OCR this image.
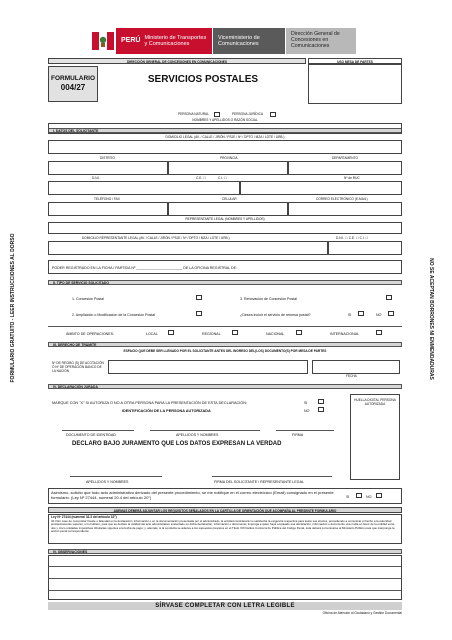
PERÚ Ministerio de Transportes y Comunicaciones
Viceministerio de Comunicaciones
Dirección General de Concesiones en Comunicaciones
DIRECCIÓN GENERAL DE CONCESIONES EN COMUNICACIONES	USO MESA DE PARTES
FORMULARIO
004/27
SERVICIOS POSTALES
I. DATOS DEL SOLICITANTE
PERSONA NATURAL	PERSONA JURÍDICA
NOMBRES Y APELLIDOS O RAZÓN SOCIAL
DOMICILIO LEGAL (AV. / CALLE / JIRÓN / PSJE / Nº / DPTO / MZA / LOTE / URB.)
DISTRITO	PROVINCIA	DEPARTAMENTO
D.N.I.	C.E. ☐	C.I. ☐	Nº de RUC
TELÉFONO / FAX	CELULAR	CORREO ELECTRÓNICO (E-MAIL)
REPRESENTANTE LEGAL (NOMBRES Y APELLIDOS)
DOMICILIO REPRESENTANTE LEGAL (AV. / CALLE / JIRÓN / PSJE / Nº / DPTO / MZA / LOTE / URB.)	D.N.I. ☐ C.E. ☐ C.I. ☐
PODER REGISTRADO EN LA FICHA / PARTIDA Nº _______________________ DE LA OFICINA REGISTRAL DE:
II. TIPO DE SERVICIO SOLICITADO
1. Concesión Postal	3. Renovación de Concesión Postal
2. Ampliación o Modificación de la Concesión Postal	¿Desea incluir el servicio de remesa postal?	SI	NO
ÁMBITO DE OPERACIONES:	LOCAL	REGIONAL	NACIONAL	INTERNACIONAL
III. DERECHO DE TRÁMITE
ESPACIO QUE DEBE SER LLENADO POR EL SOLICITANTE ANTES DEL INGRESO DEL(LOS) DOCUMENTO(S) POR MESA DE PARTES
Nº DE RECIBO (S) DE ACOTACIÓN Ó Nº DE OPERACIÓN BANCO DE LA NACIÓN
FECHA
IV. DECLARACIÓN JURADA
MARQUE CON "X" SI AUTORIZA O NO A OTRA PERSONA PARA LA PRESENTACIÓN DE ESTA DECLARACIÓN:	SI
NO
IDENTIFICACIÓN DE LA PERSONA AUTORIZADA
HUELLA DIGITAL PERSONA AUTORIZADA
DOCUMENTO DE IDENTIDAD	APELLIDOS Y NOMBRES	FIRMA
DECLARO BAJO JURAMENTO QUE LOS DATOS EXPRESAN LA VERDAD
APELLIDOS Y NOMBRES	FIRMA DEL SOLICITANTE / REPRESENTANTE LEGAL
Asimismo, solicito que todo acto administrativo derivado del presente procedimiento, se me notifique en el correo electrónico (Email) consignado en el presente formulario. (Ley Nº 27444, numeral 20.4 del artículo 20°)	SI	NO
ADEMAS DEBERÁ ADJUNTAR LOS REQUISITOS SEÑALADOS EN LA CARTILLA DE ORIENTACIÓN QUE ACOMPAÑA AL PRESENTE FORMULARIO
Ley Nº 27444 (numeral 32.3 del artículo 32°)
32.3 En caso de comprobar fraude o falsedad en la declaración, información o en la documentación presentada por el administrado, la entidad considerará no satisfecha la exigencia respectiva para todos sus efectos, procediendo a comunicar el hecho a la autoridad jerárquicamente superior, si lo hubiere, para que se declare la nulidad del acto administrativo sustentado en dicha declaración, información o documento; imponga a quien haya empleado esa declaración, información o documento una multa en favor de la entidad entre dos y cinco unidades impositivas tributarias vigentes a la fecha de pago; y, además, si la conducta se adecua a los supuestos previstos en el Título XIX Delitos Contra la Fe Pública del Código Penal, ésta deberá comunicarse al Ministerio Público para que interponga la acción penal correspondiente.
IV. OBSERVACIONES
SÍRVASE COMPLETAR CON LETRA LEGIBLE
Oficina de Atención al Ciudadano y Gestión Documental
FORMULARIO GRATUITO - LEER INSTRUCCIONES AL DORSO	NO SE ACEPTAN BORRONES NI ENMENDADURAS
